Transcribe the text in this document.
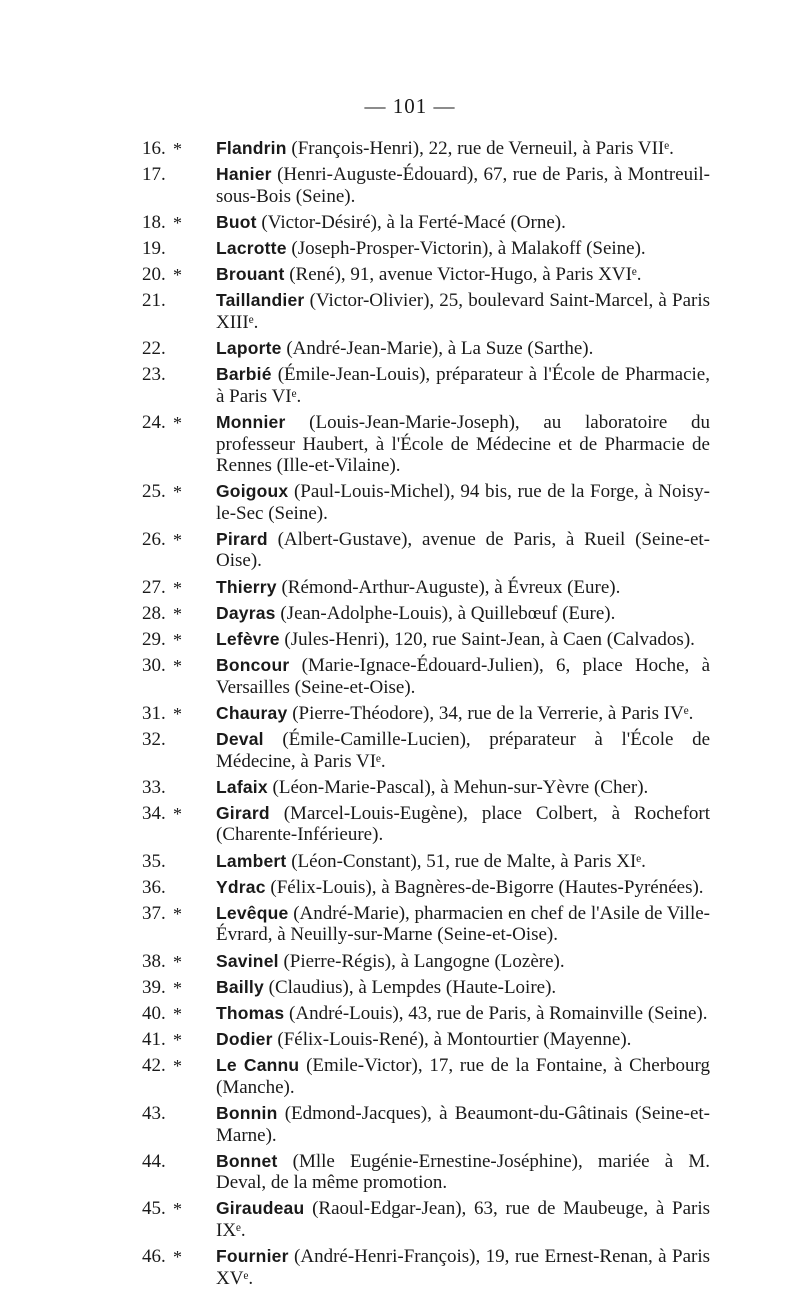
— 101 —
16. * Flandrin (François-Henri), 22, rue de Verneuil, à Paris VIIᵉ.
17.	Hanier (Henri-Auguste-Édouard), 67, rue de Paris, à Montreuil-sous-Bois (Seine).
18. * Buot (Victor-Désiré), à la Ferté-Macé (Orne).
19.	Lacrotte (Joseph-Prosper-Victorin), à Malakoff (Seine).
20. * Brouant (René), 91, avenue Victor-Hugo, à Paris XVIᵉ.
21.	Taillandier (Victor-Olivier), 25, boulevard Saint-Marcel, à Paris XIIIᵉ.
22.	Laporte (André-Jean-Marie), à La Suze (Sarthe).
23.	Barbié (Émile-Jean-Louis), préparateur à l'École de Pharmacie, à Paris VIᵉ.
24. * Monnier (Louis-Jean-Marie-Joseph), au laboratoire du professeur Haubert, à l'École de Médecine et de Pharmacie de Rennes (Ille-et-Vilaine).
25. * Goigoux (Paul-Louis-Michel), 94 bis, rue de la Forge, à Noisy-le-Sec (Seine).
26. * Pirard (Albert-Gustave), avenue de Paris, à Rueil (Seine-et-Oise).
27. * Thierry (Rémond-Arthur-Auguste), à Évreux (Eure).
28. * Dayras (Jean-Adolphe-Louis), à Quillebœuf (Eure).
29. * Lefèvre (Jules-Henri), 120, rue Saint-Jean, à Caen (Calvados).
30. * Boncour (Marie-Ignace-Édouard-Julien), 6, place Hoche, à Versailles (Seine-et-Oise).
31. * Chauray (Pierre-Théodore), 34, rue de la Verrerie, à Paris IVᵉ.
32.	Deval (Émile-Camille-Lucien), préparateur à l'École de Médecine, à Paris VIᵉ.
33.	Lafaix (Léon-Marie-Pascal), à Mehun-sur-Yèvre (Cher).
34. * Girard (Marcel-Louis-Eugène), place Colbert, à Rochefort (Charente-Inférieure).
35.	Lambert (Léon-Constant), 51, rue de Malte, à Paris XIᵉ.
36.	Ydrac (Félix-Louis), à Bagnères-de-Bigorre (Hautes-Pyrénées).
37. * Levêque (André-Marie), pharmacien en chef de l'Asile de Ville-Évrard, à Neuilly-sur-Marne (Seine-et-Oise).
38. * Savinel (Pierre-Régis), à Langogne (Lozère).
39. * Bailly (Claudius), à Lempdes (Haute-Loire).
40. * Thomas (André-Louis), 43, rue de Paris, à Romainville (Seine).
41. * Dodier (Félix-Louis-René), à Montourtier (Mayenne).
42. * Le Cannu (Emile-Victor), 17, rue de la Fontaine, à Cherbourg (Manche).
43.	Bonnin (Edmond-Jacques), à Beaumont-du-Gâtinais (Seine-et-Marne).
44.	Bonnet (Mlle Eugénie-Ernestine-Joséphine), mariée à M. Deval, de la même promotion.
45. * Giraudeau (Raoul-Edgar-Jean), 63, rue de Maubeuge, à Paris IXᵉ.
46. * Fournier (André-Henri-François), 19, rue Ernest-Renan, à Paris XVᵉ.
